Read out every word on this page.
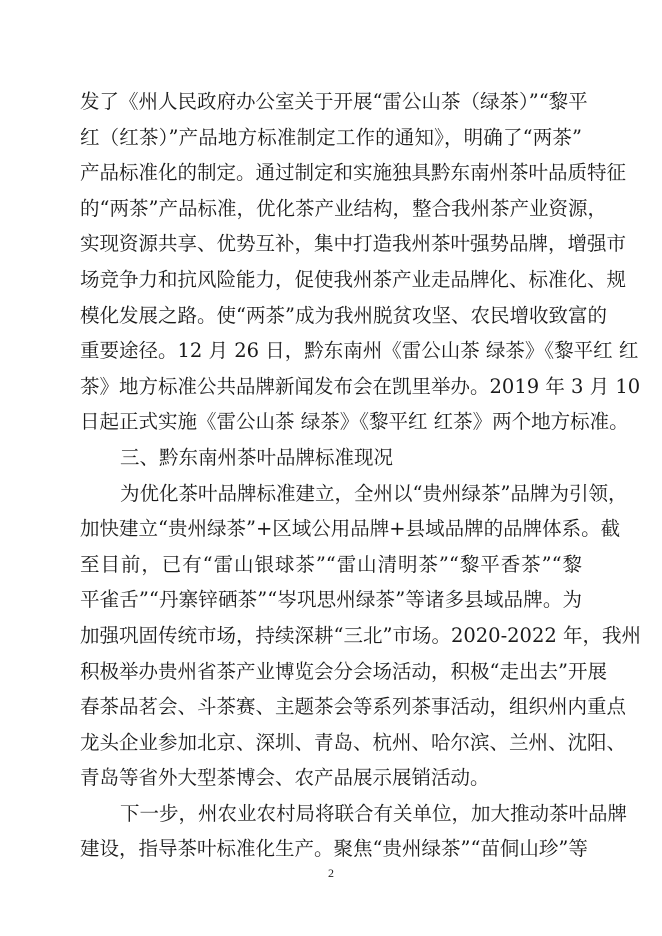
发了《州人民政府办公室关于开展“雷公山茶（绿茶）”“黎平
红（红茶）”产品地方标准制定工作的通知》，明确了“两茶”
产品标准化的制定。通过制定和实施独具黔东南州茶叶品质特征
的“两茶”产品标准，优化茶产业结构，整合我州茶产业资源，
实现资源共享、优势互补，集中打造我州茶叶强势品牌，增强市
场竞争力和抗风险能力，促使我州茶产业走品牌化、标准化、规
模化发展之路。使“两茶”成为我州脱贫攻坚、农民增收致富的
重要途径。12 月 26 日，黔东南州《雷公山茶 绿茶》《黎平红 红
茶》地方标准公共品牌新闻发布会在凯里举办。2019 年 3 月 10
日起正式实施《雷公山茶 绿茶》《黎平红 红茶》两个地方标准。
三、黔东南州茶叶品牌标准现况
为优化茶叶品牌标准建立，全州以“贵州绿茶”品牌为引领，
加快建立“贵州绿茶”+区域公用品牌+县域品牌的品牌体系。截
至目前，已有“雷山银球茶”“雷山清明茶”“黎平香茶”“黎
平雀舌”“丹寨锌硒茶”“岑巩思州绿茶”等诸多县域品牌。为
加强巩固传统市场，持续深耕“三北”市场。2020-2022 年，我州
积极举办贵州省茶产业博览会分会场活动，积极“走出去”开展
春茶品茗会、斗茶赛、主题茶会等系列茶事活动，组织州内重点
龙头企业参加北京、深圳、青岛、杭州、哈尔滨、兰州、沈阳、
青岛等省外大型茶博会、农产品展示展销活动。
下一步，州农业农村局将联合有关单位，加大推动茶叶品牌
建设，指导茶叶标准化生产。聚焦“贵州绿茶”“苗侗山珍”等
2
